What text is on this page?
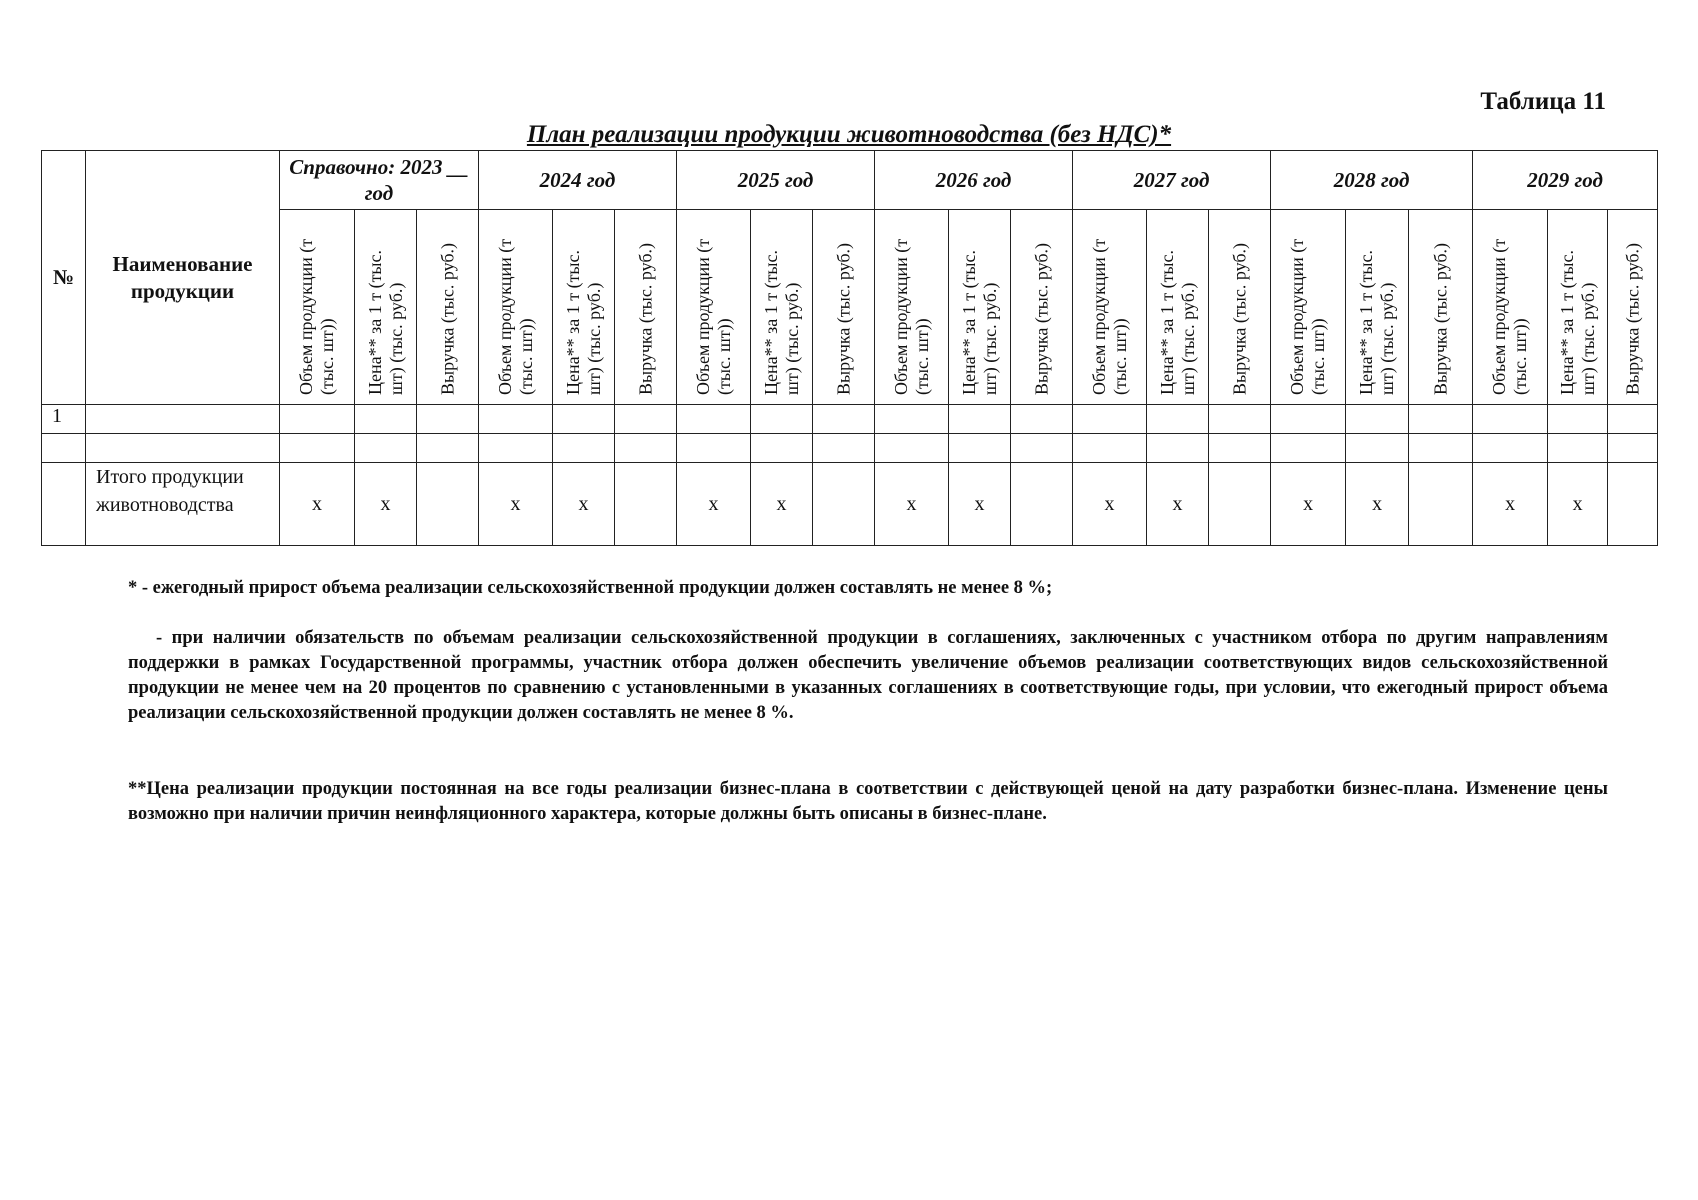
Таблица 11
План реализации продукции животноводства (без НДС)*
№	Наименование продукции	Справочно: 2023 __ год			2024 год			2025 год			2026 год			2027 год			2028 год			2029 год		

		Объем продукции (т (тыс. шт))	Цена** за 1 т (тыс. шт) (тыс. руб.)	Выручка (тыс. руб.)	Объем продукции (т (тыс. шт))	Цена** за 1 т (тыс. шт) (тыс. руб.)	Выручка (тыс. руб.)	Объем продукции (т (тыс. шт))	Цена** за 1 т (тыс. шт) (тыс. руб.)	Выручка (тыс. руб.)	Объем продукции (т (тыс. шт))	Цена** за 1 т (тыс. шт) (тыс. руб.)	Выручка (тыс. руб.)	Объем продукции (т (тыс. шт))	Цена** за 1 т (тыс. шт) (тыс. руб.)	Выручка (тыс. руб.)	Объем продукции (т (тыс. шт))	Цена** за 1 т (тыс. шт) (тыс. руб.)	Выручка (тыс. руб.)	Объем продукции (т (тыс. шт))	Цена** за 1 т (тыс. шт) (тыс. руб.)	Выручка (тыс. руб.)

1																						

	Итого продукции животноводства	х	х		х	х		х	х		х	х		х	х		х	х		х	х	
* - ежегодный прирост объема реализации сельскохозяйственной продукции должен составлять не менее 8 %;
- при наличии обязательств по объемам реализации сельскохозяйственной продукции в соглашениях, заключенных с участником отбора по другим направлениям поддержки в рамках Государственной программы, участник отбора должен обеспечить увеличение объемов реализации соответствующих видов сельскохозяйственной продукции не менее чем на 20 процентов по сравнению с установленными в указанных соглашениях в соответствующие годы, при условии, что ежегодный прирост объема реализации сельскохозяйственной продукции должен составлять не менее 8 %.
**Цена реализации продукции постоянная на все годы реализации бизнес-плана в соответствии с действующей ценой на дату разработки бизнес-плана. Изменение цены возможно при наличии причин неинфляционного характера, которые должны быть описаны в бизнес-плане.
